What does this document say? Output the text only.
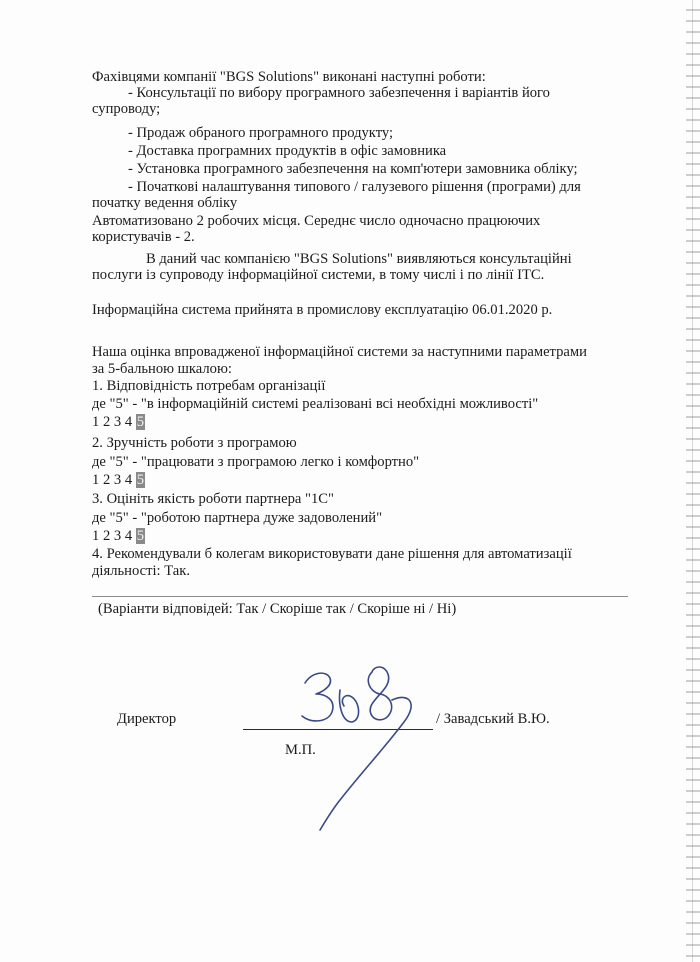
Фахівцями компанії "BGS Solutions" виконані наступні роботи:
- Консультації по вибору програмного забезпечення і варіантів його
супроводу;
- Продаж обраного програмного продукту;
- Доставка програмних продуктів в офіс замовника
- Установка програмного забезпечення на комп'ютери замовника обліку;
- Початкові налаштування типового / галузевого рішення (програми) для
початку ведення обліку
Автоматизовано 2 робочих місця. Середнє число одночасно працюючих
користувачів - 2.
В даний час компанією "BGS Solutions" виявляються консультаційні
послуги із супроводу інформаційної системи, в тому числі і по лінії ІТС.
Інформаційна система прийнята в промислову експлуатацію 06.01.2020 р.
Наша оцінка впровадженої інформаційної системи за наступними параметрами
за 5-бальною шкалою:
1. Відповідність потребам організації
де "5" - "в інформаційній системі реалізовані всі необхідні можливості"
1 2 3 4 5
2. Зручність роботи з програмою
де "5" - "працювати з програмою легко і комфортно"
1 2 3 4 5
3. Оцініть якість роботи партнера "1С"
де "5" - "роботою партнера дуже задоволений"
1 2 3 4 5
4. Рекомендували б колегам використовувати дане рішення для автоматизації
діяльності: Так.
(Варіанти відповідей: Так / Скоріше так / Скоріше ні / Ні)
Директор	/ Завадський В.Ю.
М.П.
